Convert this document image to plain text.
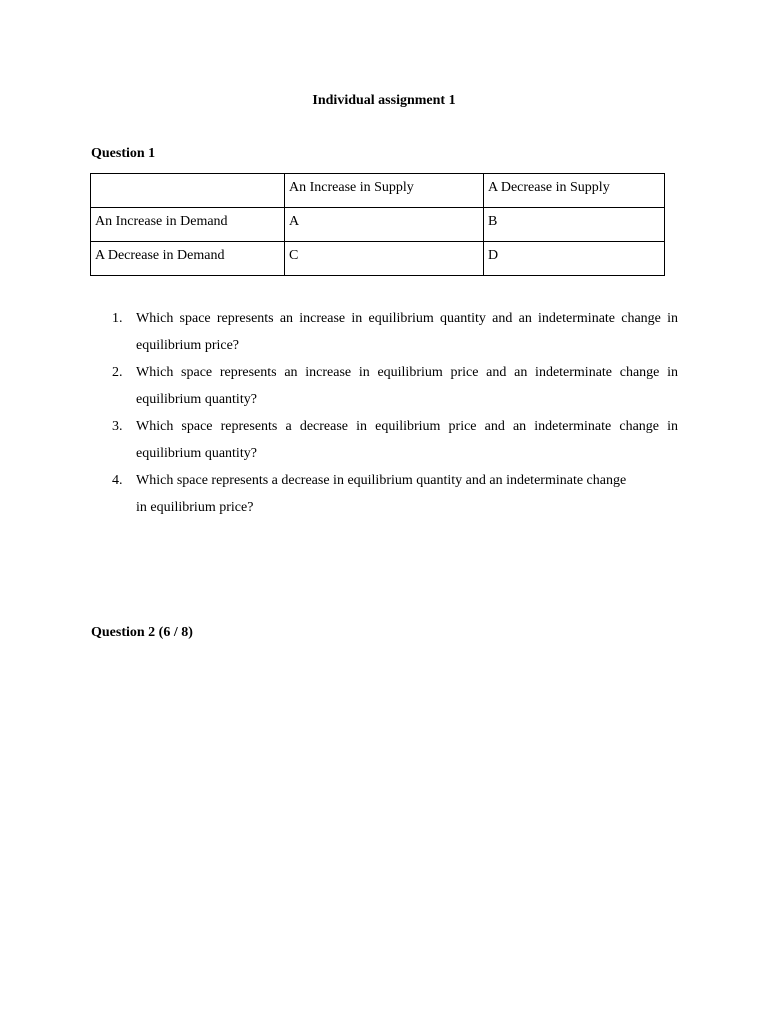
Individual assignment 1
Question 1
	An Increase in Supply	A Decrease in Supply
An Increase in Demand	A	B
A Decrease in Demand	C	D
1. Which space represents an increase in equilibrium quantity and an indeterminate change in equilibrium price?
2. Which space represents an increase in equilibrium price and an indeterminate change in equilibrium quantity?
3. Which space represents a decrease in equilibrium price and an indeterminate change in equilibrium quantity?
4. Which space represents a decrease in equilibrium quantity and an indeterminate change
in equilibrium price?
Question 2 (6 / 8)
